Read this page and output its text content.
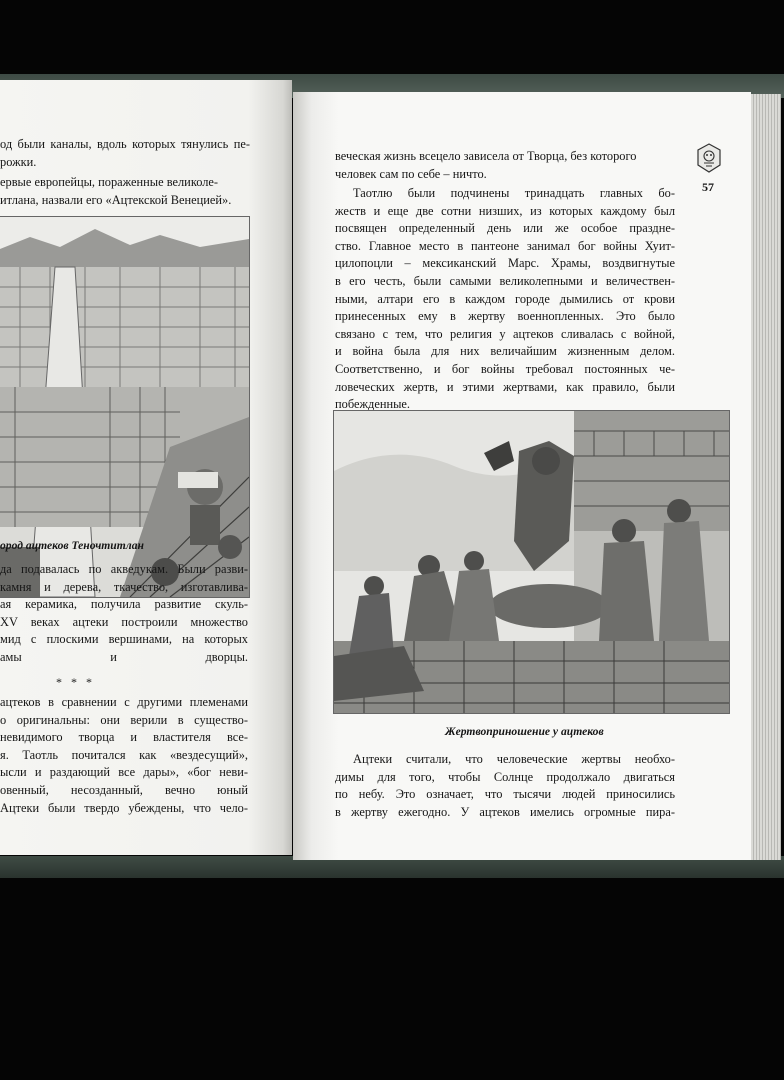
од были каналы, вдоль которых тянулись пе-
рожки.

ервые европейцы, пораженные великоле-
итлана, назвали его «Ацтекской Венецией».

ород ацтеков Теночтитлан

да подавалась по акведукам. Были разви-
камня и дерева, ткачество, изготавлива-
ая керамика, получила развитие скуль-
XV веках ацтеки построили множество
мид с плоскими вершинами, на которых
амы и дворцы.

* * *

ацтеков в сравнении с другими племенами
о оригинальны: они верили в существо-
невидимого творца и властителя все-
я. Таотль почитался как «вездесущий»,
ысли и раздающий все дары», «бог неви-
овенный, несозданный, вечно юный
Ацтеки были твердо убеждены, что чело-

57

веческая жизнь всецело зависела от Творца, без которого
человек сам по себе – ничто.

Таотлю были подчинены тринадцать главных бо-
жеств и еще две сотни низших, из которых каждому был
посвящен определенный день или же особое праздне-
ство. Главное место в пантеоне занимал бог войны Хуит-
цилопоцли – мексиканский Марс. Храмы, воздвигнутые
в его честь, были самыми великолепными и величествен-
ными, алтари его в каждом городе дымились от крови
принесенных ему в жертву военнопленных. Это было
связано с тем, что религия у ацтеков сливалась с войной,
и война была для них величайшим жизненным делом.
Соответственно, и бог войны требовал постоянных че-
ловеческих жертв, и этими жертвами, как правило, были
побежденные.

Жертвоприношение у ацтеков

Ацтеки считали, что человеческие жертвы необхо-
димы для того, чтобы Солнце продолжало двигаться
по небу. Это означает, что тысячи людей приносились
в жертву ежегодно. У ацтеков имелись огромные пира-
